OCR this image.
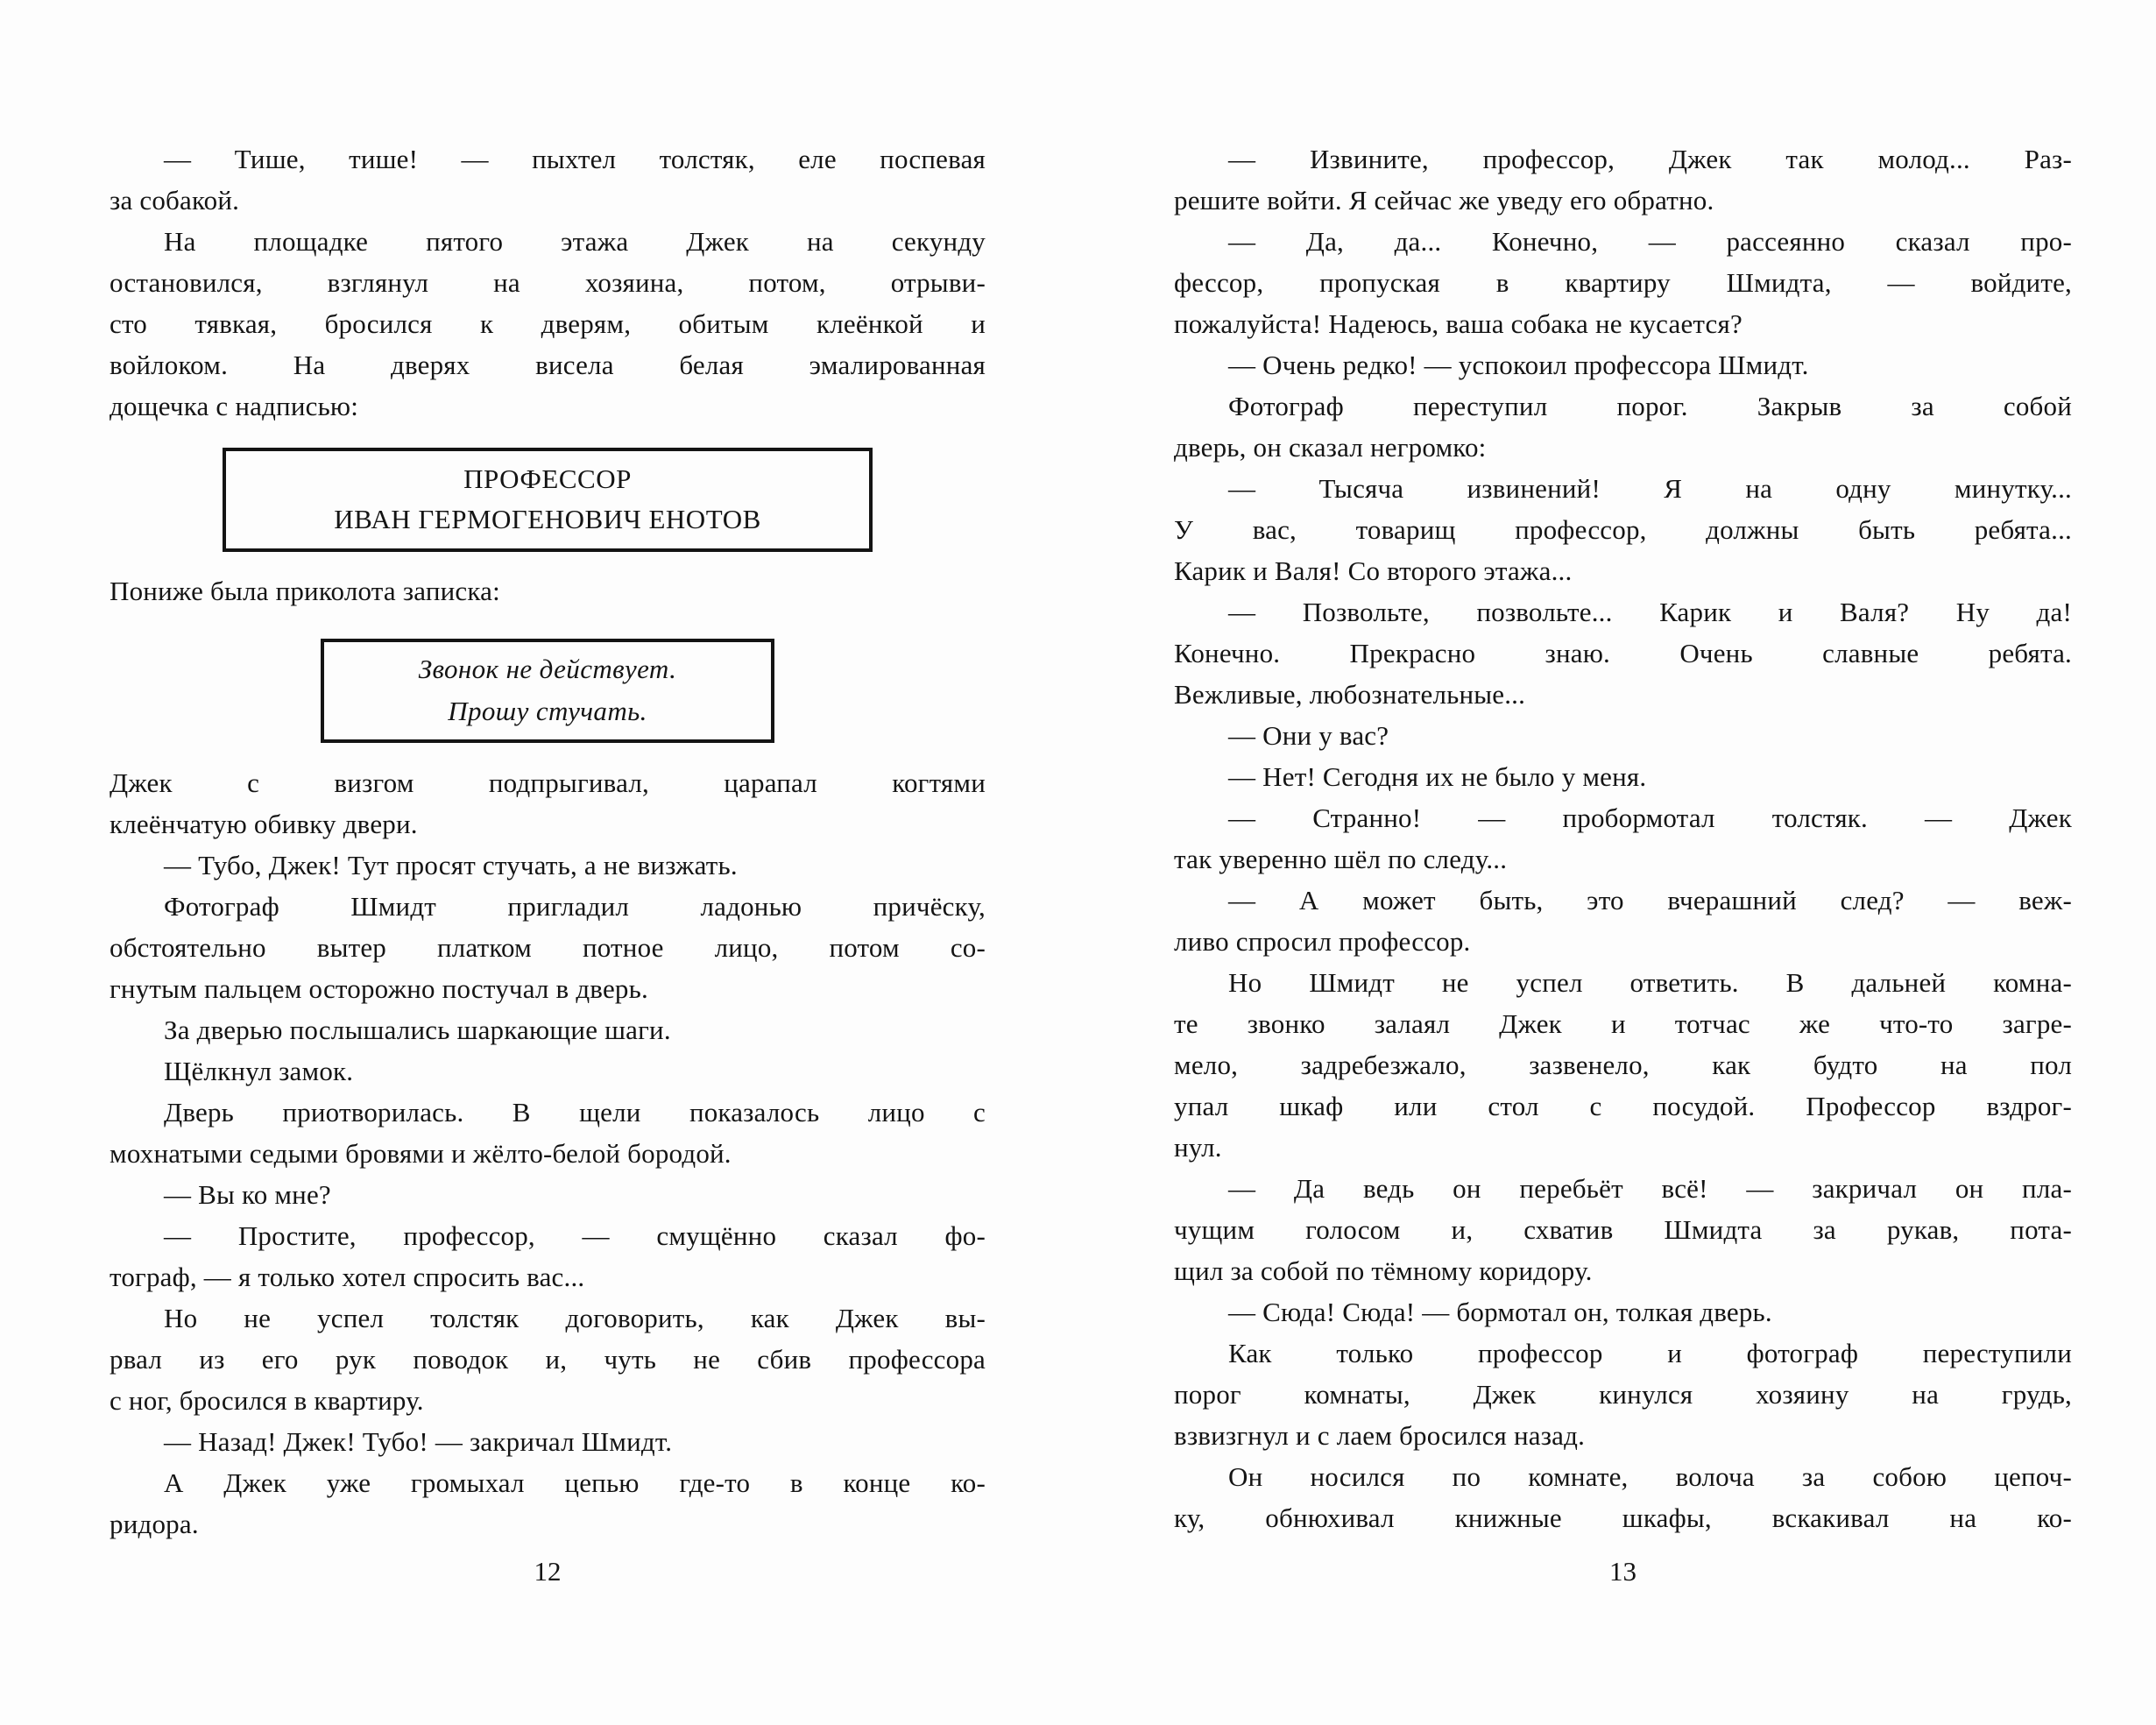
— Тише, тише! — пыхтел толстяк, еле поспевая
за собакой.
На площадке пятого этажа Джек на секунду
остановился, взглянул на хозяина, потом, отрыви-
сто тявкая, бросился к дверям, обитым клеёнкой и
войлоком. На дверях висела белая эмалированная
дощечка с надписью:
ПРОФЕССОР
ИВАН ГЕРМОГЕНОВИЧ ЕНОТОВ
Пониже была приколота записка:
Звонок не действует.
Прошу стучать.
Джек с визгом подпрыгивал, царапал когтями
клеёнчатую обивку двери.
— Тубо, Джек! Тут просят стучать, а не визжать.
Фотограф Шмидт пригладил ладонью причёску,
обстоятельно вытер платком потное лицо, потом со-
гнутым пальцем осторожно постучал в дверь.
За дверью послышались шаркающие шаги.
Щёлкнул замок.
Дверь приотворилась. В щели показалось лицо с
мохнатыми седыми бровями и жёлто-белой бородой.
— Вы ко мне?
— Простите, профессор, — смущённо сказал фо-
тограф, — я только хотел спросить вас...
Но не успел толстяк договорить, как Джек вы-
рвал из его рук поводок и, чуть не сбив профессора
с ног, бросился в квартиру.
— Назад! Джек! Тубо! — закричал Шмидт.
А Джек уже громыхал цепью где-то в конце ко-
ридора.
12
— Извините, профессор, Джек так молод... Раз-
решите войти. Я сейчас же уведу его обратно.
— Да, да... Конечно, — рассеянно сказал про-
фессор, пропуская в квартиру Шмидта, — войдите,
пожалуйста! Надеюсь, ваша собака не кусается?
— Очень редко! — успокоил профессора Шмидт.
Фотограф переступил порог. Закрыв за собой
дверь, он сказал негромко:
— Тысяча извинений! Я на одну минутку...
У вас, товарищ профессор, должны быть ребята...
Карик и Валя! Со второго этажа...
— Позвольте, позвольте... Карик и Валя? Ну да!
Конечно. Прекрасно знаю. Очень славные ребята.
Вежливые, любознательные...
— Они у вас?
— Нет! Сегодня их не было у меня.
— Странно! — пробормотал толстяк. — Джек
так уверенно шёл по следу...
— А может быть, это вчерашний след? — веж-
ливо спросил профессор.
Но Шмидт не успел ответить. В дальней комна-
те звонко залаял Джек и тотчас же что-то загре-
мело, задребезжало, зазвенело, как будто на пол
упал шкаф или стол с посудой. Профессор вздрог-
нул.
— Да ведь он перебьёт всё! — закричал он пла-
чущим голосом и, схватив Шмидта за рукав, пота-
щил за собой по тёмному коридору.
— Сюда! Сюда! — бормотал он, толкая дверь.
Как только профессор и фотограф переступили
порог комнаты, Джек кинулся хозяину на грудь,
взвизгнул и с лаем бросился назад.
Он носился по комнате, волоча за собою цепоч-
ку, обнюхивал книжные шкафы, вскакивал на ко-
13
